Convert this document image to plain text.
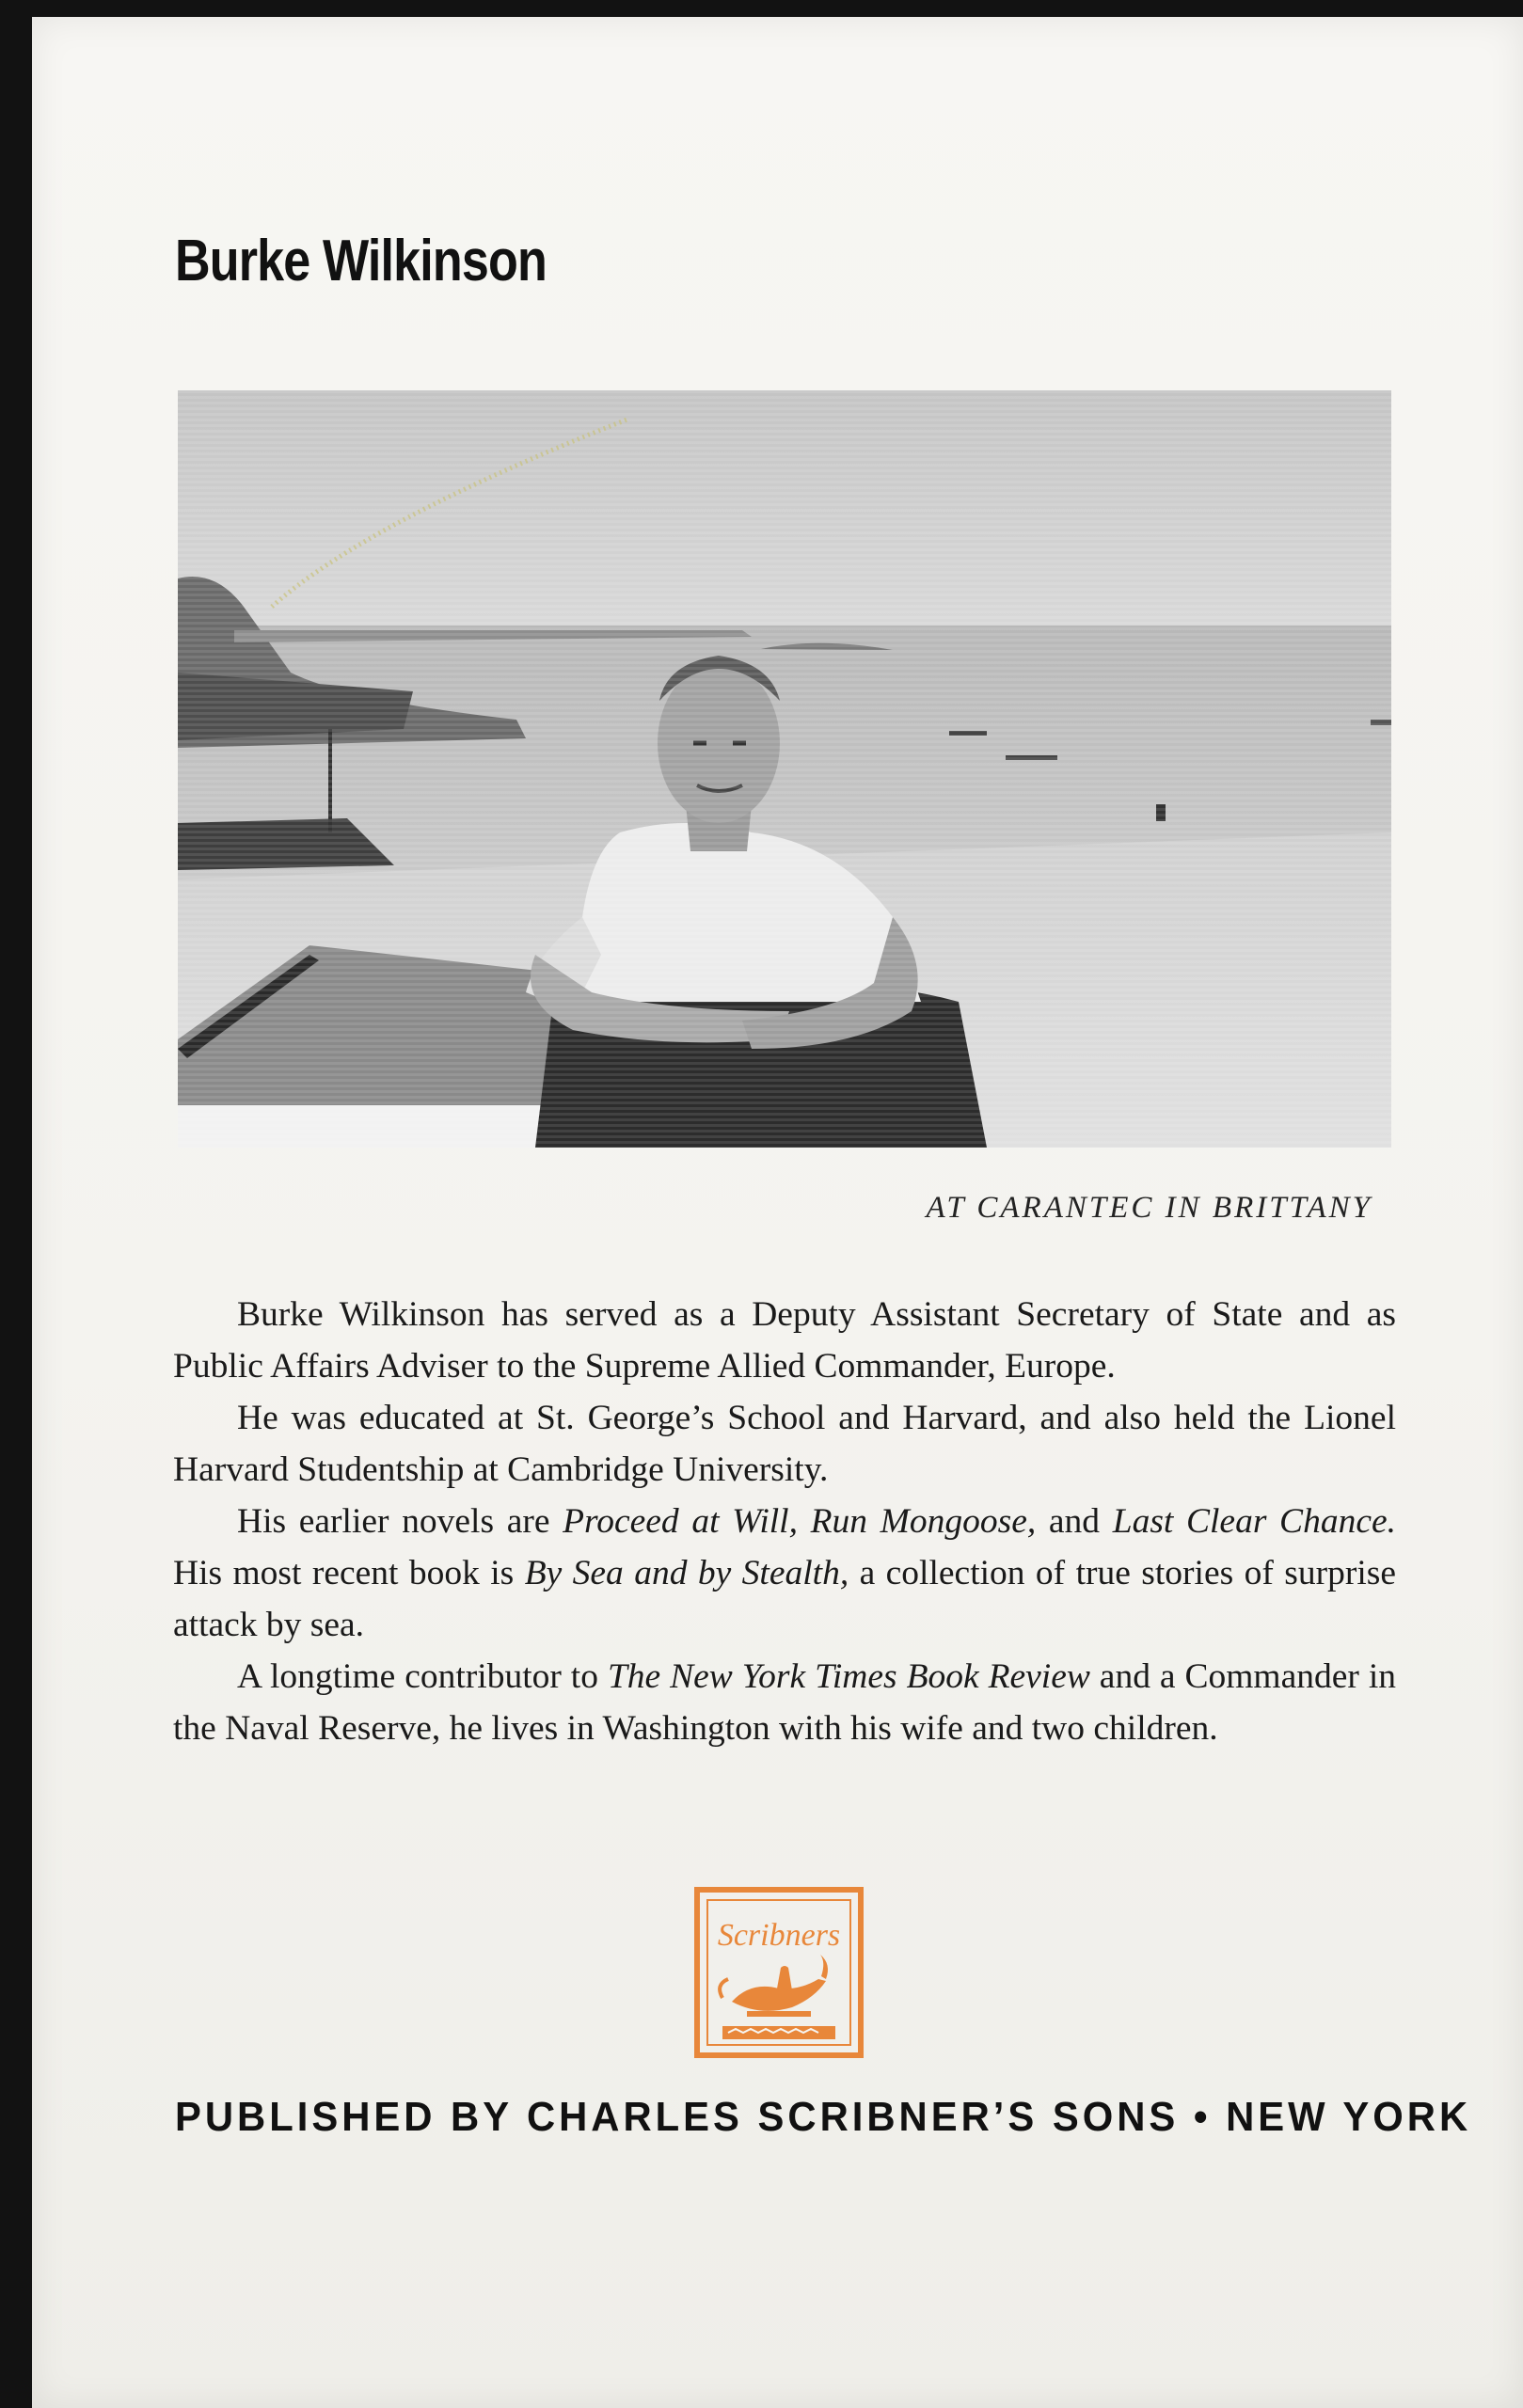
Burke Wilkinson
AT CARANTEC IN BRITTANY

Burke Wilkinson has served as a Deputy Assistant Secretary of State and as Public Affairs Adviser to the Supreme Allied Commander, Europe.

He was educated at St. George’s School and Harvard, and also held the Lionel Harvard Studentship at Cambridge University.

His earlier novels are Proceed at Will, Run Mongoose, and Last Clear Chance. His most recent book is By Sea and by Stealth, a collection of true stories of surprise attack by sea.

A longtime contributor to The New York Times Book Review and a Commander in the Naval Reserve, he lives in Washington with his wife and two children.

Scribners
PUBLISHED BY CHARLES SCRIBNER’S SONS • NEW YORK
